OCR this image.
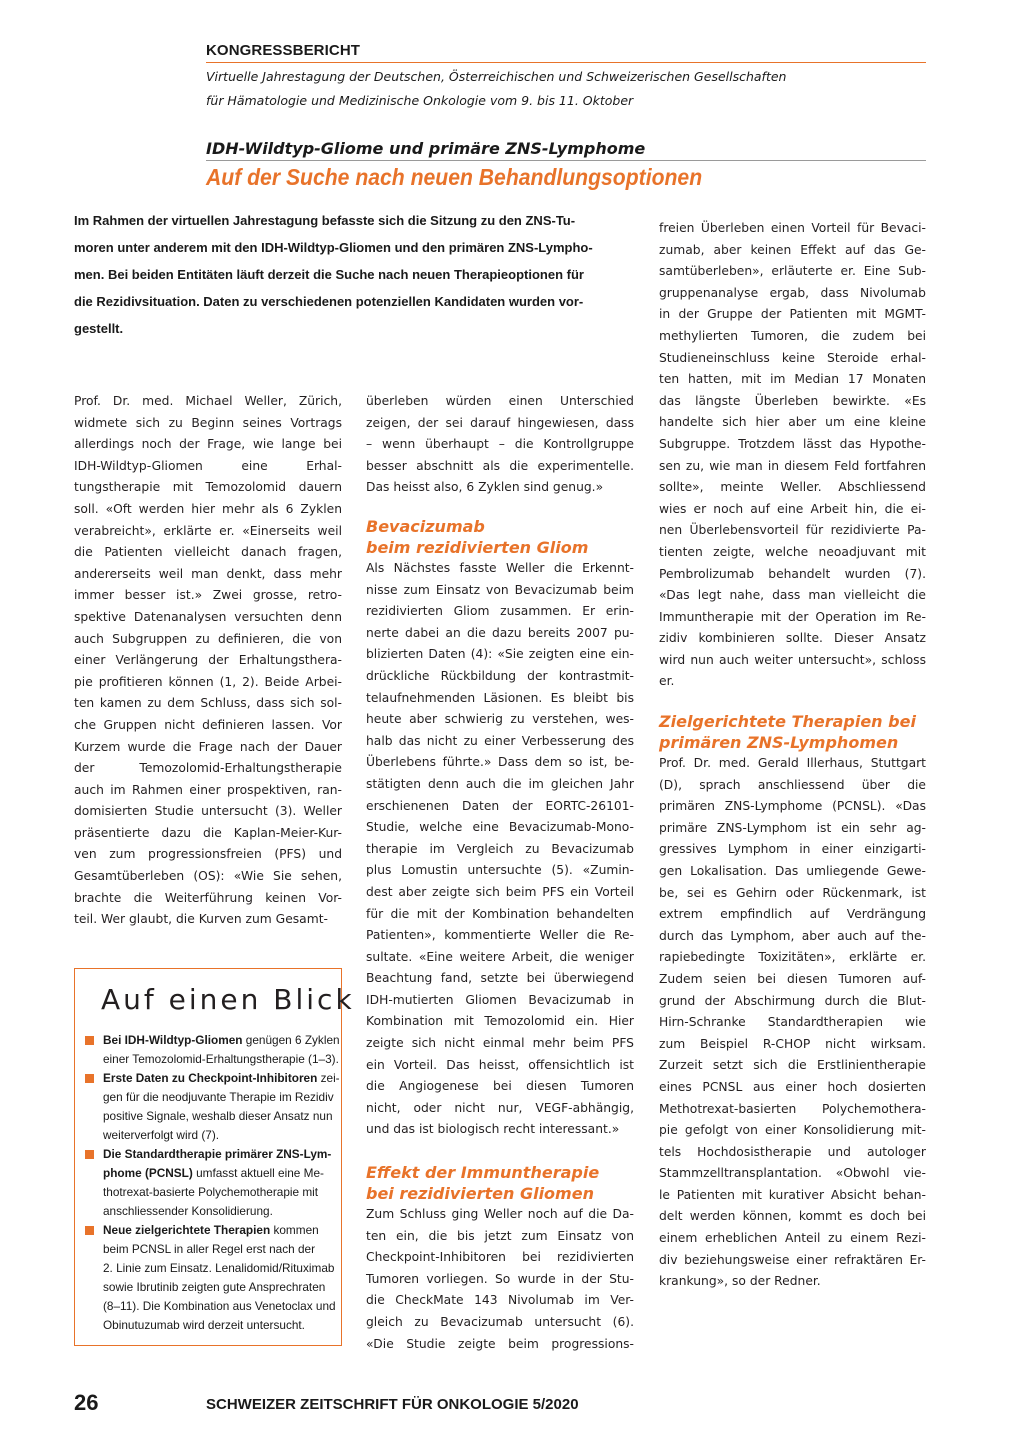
KONGRESSBERICHT
Virtuelle Jahrestagung der Deutschen, Österreichischen und Schweizerischen Gesellschaften
für Hämatologie und Medizinische Onkologie vom 9. bis 11. Oktober
IDH-Wildtyp-Gliome und primäre ZNS-Lymphome
Auf der Suche nach neuen Behandlungsoptionen
Im Rahmen der virtuellen Jahrestagung befasste sich die Sitzung zu den ZNS-Tu-
moren unter anderem mit den IDH-Wildtyp-Gliomen und den primären ZNS-Lympho-
men. Bei beiden Entitäten läuft derzeit die Suche nach neuen Therapieoptionen für
die Rezidivsituation. Daten zu verschiedenen potenziellen Kandidaten wurden vor-
gestellt.
Prof. Dr. med. Michael Weller, Zürich,
widmete sich zu Beginn seines Vortrags
allerdings noch der Frage, wie lange bei
IDH-Wildtyp-Gliomen eine Erhal-
tungstherapie mit Temozolomid dauern
soll. «Oft werden hier mehr als 6 Zyklen
verabreicht», erklärte er. «Einerseits weil
die Patienten vielleicht danach fragen,
andererseits weil man denkt, dass mehr
immer besser ist.» Zwei grosse, retro-
spektive Datenanalysen versuchten denn
auch Subgruppen zu definieren, die von
einer Verlängerung der Erhaltungsthera-
pie profitieren können (1, 2). Beide Arbei-
ten kamen zu dem Schluss, dass sich sol-
che Gruppen nicht definieren lassen. Vor
Kurzem wurde die Frage nach der Dauer
der Temozolomid-Erhaltungstherapie
auch im Rahmen einer prospektiven, ran-
domisierten Studie untersucht (3). Weller
präsentierte dazu die Kaplan-Meier-Kur-
ven zum progressionsfreien (PFS) und
Gesamtüberleben (OS): «Wie Sie sehen,
brachte die Weiterführung keinen Vor-
teil. Wer glaubt, die Kurven zum Gesamt-
überleben würden einen Unterschied
zeigen, der sei darauf hingewiesen, dass
– wenn überhaupt – die Kontrollgruppe
besser abschnitt als die experimentelle.
Das heisst also, 6 Zyklen sind genug.»
Bevacizumab
beim rezidivierten Gliom
Als Nächstes fasste Weller die Erkennt-
nisse zum Einsatz von Bevacizumab beim
rezidivierten Gliom zusammen. Er erin-
nerte dabei an die dazu bereits 2007 pu-
blizierten Daten (4): «Sie zeigten eine ein-
drückliche Rückbildung der kontrastmit-
telaufnehmenden Läsionen. Es bleibt bis
heute aber schwierig zu verstehen, wes-
halb das nicht zu einer Verbesserung des
Überlebens führte.» Dass dem so ist, be-
stätigten denn auch die im gleichen Jahr
erschienenen Daten der EORTC-26101-
Studie, welche eine Bevacizumab-Mono-
therapie im Vergleich zu Bevacizumab
plus Lomustin untersuchte (5). «Zumin-
dest aber zeigte sich beim PFS ein Vorteil
für die mit der Kombination behandelten
Patienten», kommentierte Weller die Re-
sultate. «Eine weitere Arbeit, die weniger
Beachtung fand, setzte bei überwiegend
IDH-mutierten Gliomen Bevacizumab in
Kombination mit Temozolomid ein. Hier
zeigte sich nicht einmal mehr beim PFS
ein Vorteil. Das heisst, offensichtlich ist
die Angiogenese bei diesen Tumoren
nicht, oder nicht nur, VEGF-abhängig,
und das ist biologisch recht interessant.»
Effekt der Immuntherapie
bei rezidivierten Gliomen
Zum Schluss ging Weller noch auf die Da-
ten ein, die bis jetzt zum Einsatz von
Checkpoint-Inhibitoren bei rezidivierten
Tumoren vorliegen. So wurde in der Stu-
die CheckMate 143 Nivolumab im Ver-
gleich zu Bevacizumab untersucht (6).
«Die Studie zeigte beim progressions-
freien Überleben einen Vorteil für Bevaci-
zumab, aber keinen Effekt auf das Ge-
samtüberleben», erläuterte er. Eine Sub-
gruppenanalyse ergab, dass Nivolumab
in der Gruppe der Patienten mit MGMT-
methylierten Tumoren, die zudem bei
Studieneinschluss keine Steroide erhal-
ten hatten, mit im Median 17 Monaten
das längste Überleben bewirkte. «Es
handelte sich hier aber um eine kleine
Subgruppe. Trotzdem lässt das Hypothe-
sen zu, wie man in diesem Feld fortfahren
sollte», meinte Weller. Abschliessend
wies er noch auf eine Arbeit hin, die ei-
nen Überlebensvorteil für rezidivierte Pa-
tienten zeigte, welche neoadjuvant mit
Pembrolizumab behandelt wurden (7).
«Das legt nahe, dass man vielleicht die
Immuntherapie mit der Operation im Re-
zidiv kombinieren sollte. Dieser Ansatz
wird nun auch weiter untersucht», schloss
er.
Zielgerichtete Therapien bei
primären ZNS-Lymphomen
Prof. Dr. med. Gerald Illerhaus, Stuttgart
(D), sprach anschliessend über die
primären ZNS-Lymphome (PCNSL). «Das
primäre ZNS-Lymphom ist ein sehr ag-
gressives Lymphom in einer einzigarti-
gen Lokalisation. Das umliegende Gewe-
be, sei es Gehirn oder Rückenmark, ist
extrem empfindlich auf Verdrängung
durch das Lymphom, aber auch auf the-
rapiebedingte Toxizitäten», erklärte er.
Zudem seien bei diesen Tumoren auf-
grund der Abschirmung durch die Blut-
Hirn-Schranke Standardtherapien wie
zum Beispiel R-CHOP nicht wirksam.
Zurzeit setzt sich die Erstlinientherapie
eines PCNSL aus einer hoch dosierten
Methotrexat-basierten Polychemothera-
pie gefolgt von einer Konsolidierung mit-
tels Hochdosistherapie und autologer
Stammzelltransplantation. «Obwohl vie-
le Patienten mit kurativer Absicht behan-
delt werden können, kommt es doch bei
einem erheblichen Anteil zu einem Rezi-
div beziehungsweise einer refraktären Er-
krankung», so der Redner.
Auf einen Blick
Bei IDH-Wildtyp-Gliomen genügen 6 Zyklen
einer Temozolomid-Erhaltungstherapie (1–3).
Erste Daten zu Checkpoint-Inhibitoren zei-
gen für die neodjuvante Therapie im Rezidiv
positive Signale, weshalb dieser Ansatz nun
weiterverfolgt wird (7).
Die Standardtherapie primärer ZNS-Lym-
phome (PCNSL) umfasst aktuell eine Me-
thotrexat-basierte Polychemotherapie mit
anschliessender Konsolidierung.
Neue zielgerichtete Therapien kommen
beim PCNSL in aller Regel erst nach der
2. Linie zum Einsatz. Lenalidomid/Rituximab
sowie Ibrutinib zeigten gute Ansprechraten
(8–11). Die Kombination aus Venetoclax und
Obinutuzumab wird derzeit untersucht.
26	SCHWEIZER ZEITSCHRIFT FÜR ONKOLOGIE 5/2020
